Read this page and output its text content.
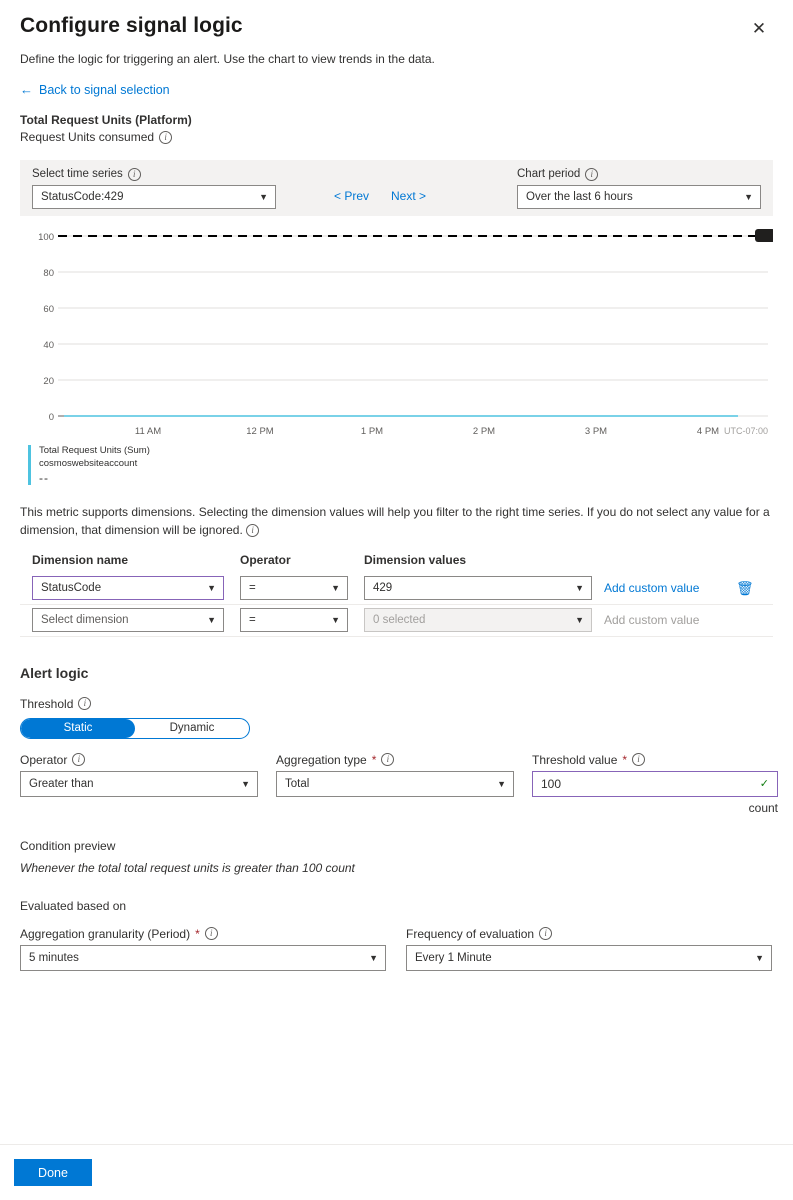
Configure signal logic	✕
Define the logic for triggering an alert. Use the chart to view trends in the data.
← Back to signal selection
Total Request Units (Platform)
Request Units consumed	i
Select time series	i
StatusCode:429	▼	< Prev Next >
Chart period	i
Over the last 6 hours	▼
100
80
60
40
20
0
11 AM	12 PM	1 PM	2 PM	3 PM	4 PM UTC-07:00
Total Request Units (Sum)
cosmoswebsiteaccount
--
This metric supports dimensions. Selecting the dimension values will help you filter to the right time series. If you do not select any value for a dimension, that dimension will be ignored. i
Dimension name	Operator	Dimension values
StatusCode	▼	=	▼	429	▼ Add custom value	🗑
Select dimension	▼	=	▼	0 selected	▼ Add custom value
Alert logic
Threshold	i
Static	Dynamic
Operator	i
Greater than	▼
Aggregation type *	i
Total	▼
Threshold value *	i
100	✓
count
Condition preview
Whenever the total total request units is greater than 100 count
Evaluated based on
Aggregation granularity (Period) *	i
5 minutes	▼
Frequency of evaluation	i
Every 1 Minute	▼
Done
